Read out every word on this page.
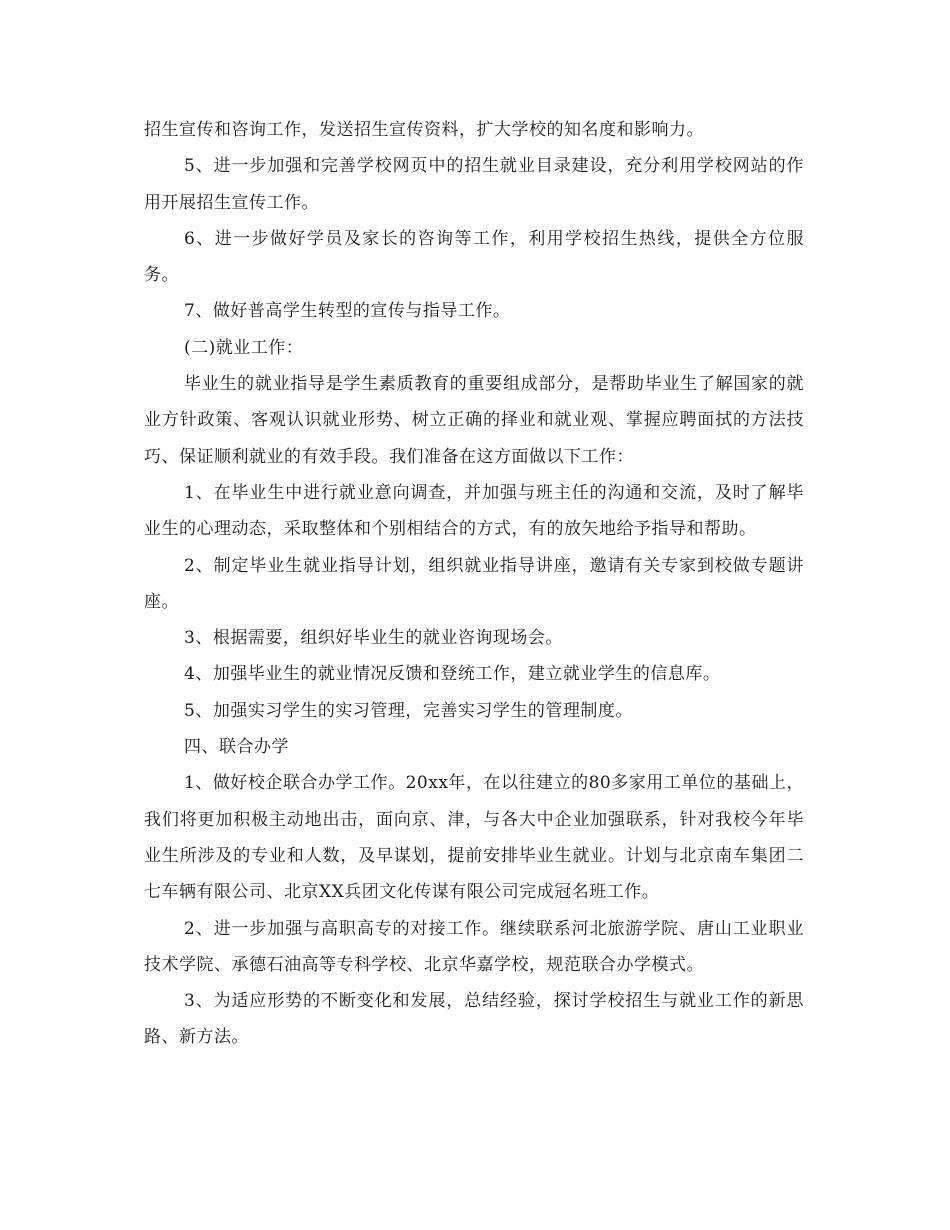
招生宣传和咨询工作，发送招生宣传资料，扩大学校的知名度和影响力。

5、进一步加强和完善学校网页中的招生就业目录建设，充分利用学校网站的作用开展招生宣传工作。

6、进一步做好学员及家长的咨询等工作，利用学校招生热线，提供全方位服务。

7、做好普高学生转型的宣传与指导工作。

(二)就业工作：

毕业生的就业指导是学生素质教育的重要组成部分，是帮助毕业生了解国家的就业方针政策、客观认识就业形势、树立正确的择业和就业观、掌握应聘面拭的方法技巧、保证顺利就业的有效手段。我们准备在这方面做以下工作：

1、在毕业生中进行就业意向调查，并加强与班主任的沟通和交流，及时了解毕业生的心理动态，采取整体和个别相结合的方式，有的放矢地给予指导和帮助。

2、制定毕业生就业指导计划，组织就业指导讲座，邀请有关专家到校做专题讲座。

3、根据需要，组织好毕业生的就业咨询现场会。

4、加强毕业生的就业情况反馈和登统工作，建立就业学生的信息库。

5、加强实习学生的实习管理，完善实习学生的管理制度。

四、联合办学

1、做好校企联合办学工作。20xx年，在以往建立的80多家用工单位的基础上，我们将更加积极主动地出击，面向京、津，与各大中企业加强联系，针对我校今年毕业生所涉及的专业和人数，及早谋划，提前安排毕业生就业。计划与北京南车集团二七车辆有限公司、北京XX兵团文化传谋有限公司完成冠名班工作。

2、进一步加强与高职高专的对接工作。继续联系河北旅游学院、唐山工业职业技术学院、承德石油高等专科学校、北京华嘉学校，规范联合办学模式。

3、为适应形势的不断变化和发展，总结经验，探讨学校招生与就业工作的新思路、新方法。
